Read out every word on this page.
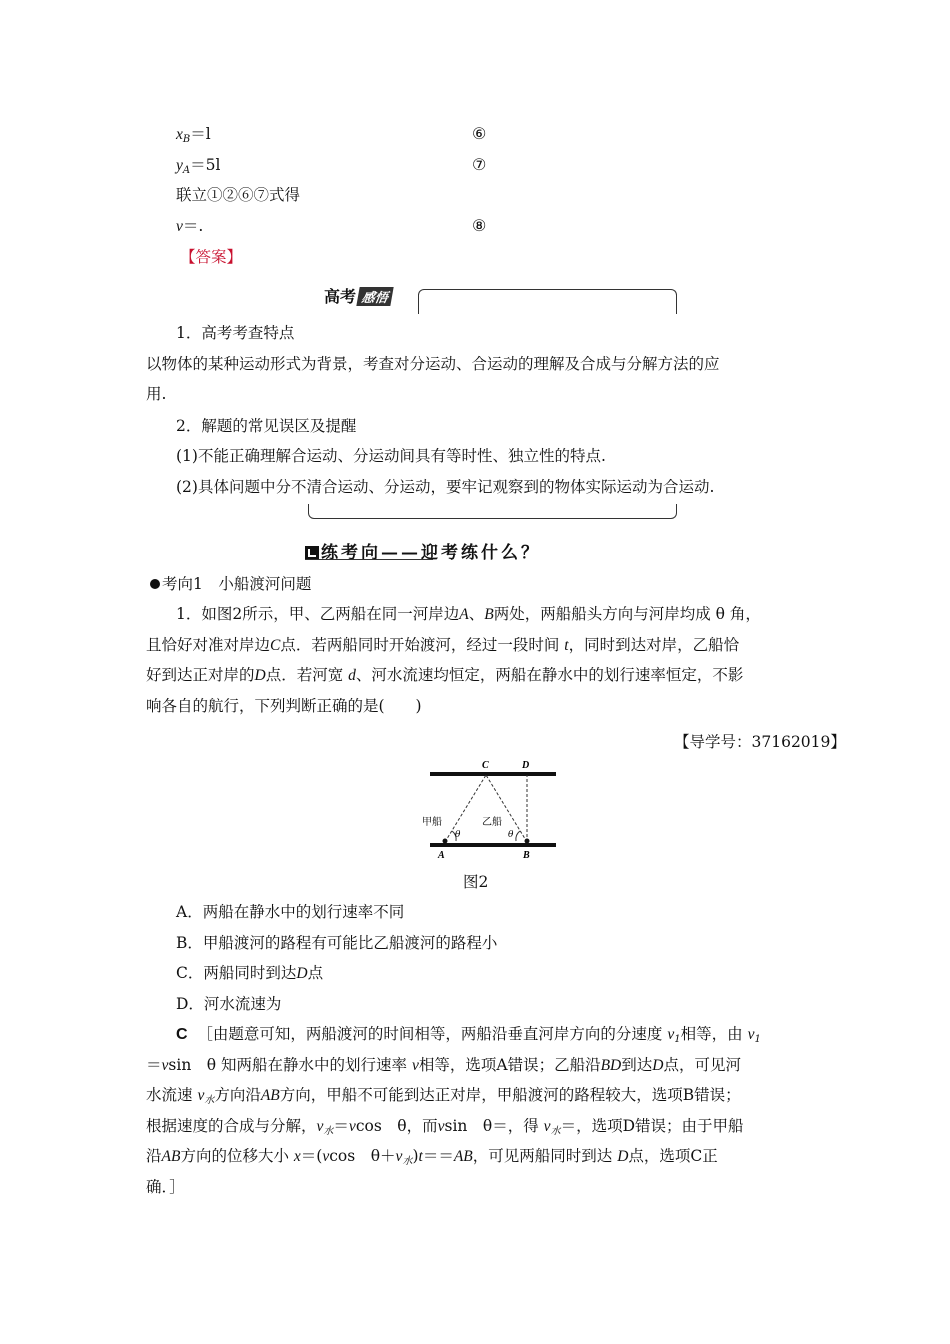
$x_B=l$	⑥
$y_A=5l$	⑦
联立①②⑥⑦式得
v＝.	⑧
【答案】
高考 感悟
1．高考考查特点
以物体的某种运动形式为背景，考查对分运动、合运动的理解及合成与分解方法的应
用.
2．解题的常见误区及提醒
(1)不能正确理解合运动、分运动间具有等时性、独立性的特点.
(2)具体问题中分不清合运动、分运动，要牢记观察到的物体实际运动为合运动.
练考向——迎考练什么？
考向1　小船渡河问题
1．如图2所示，甲、乙两船在同一河岸边A、B两处，两船船头方向与河岸均成 θ 角，
且恰好对准对岸边C点．若两船同时开始渡河，经过一段时间 t，同时到达对岸，乙船恰
好到达正对岸的D点．若河宽 d、河水流速均恒定，两船在静水中的划行速率恒定，不影
响各自的航行，下列判断正确的是(　　)
【导学号：37162019】
C	D
A	B
甲船	乙船
θ	θ
图2
A．两船在静水中的划行速率不同
B．甲船渡河的路程有可能比乙船渡河的路程小
C．两船同时到达D点
D．河水流速为
C ［由题意可知，两船渡河的时间相等，两船沿垂直河岸方向的分速度 $v_1$相等，由 $v_1$
＝vsin　θ 知两船在静水中的划行速率 v相等，选项A错误；乙船沿BD到达D点，可见河
水流速 $v_水$方向沿AB方向，甲船不可能到达正对岸，甲船渡河的路程较大，选项B错误；
根据速度的合成与分解，$v_水=vcos$　θ，而vsin　θ＝，得 $v_水=$，选项D错误；由于甲船
沿AB方向的位移大小 x＝(vcos　$\theta+v_水)t==AB$，可见两船同时到达 D点，选项C正
确．］
